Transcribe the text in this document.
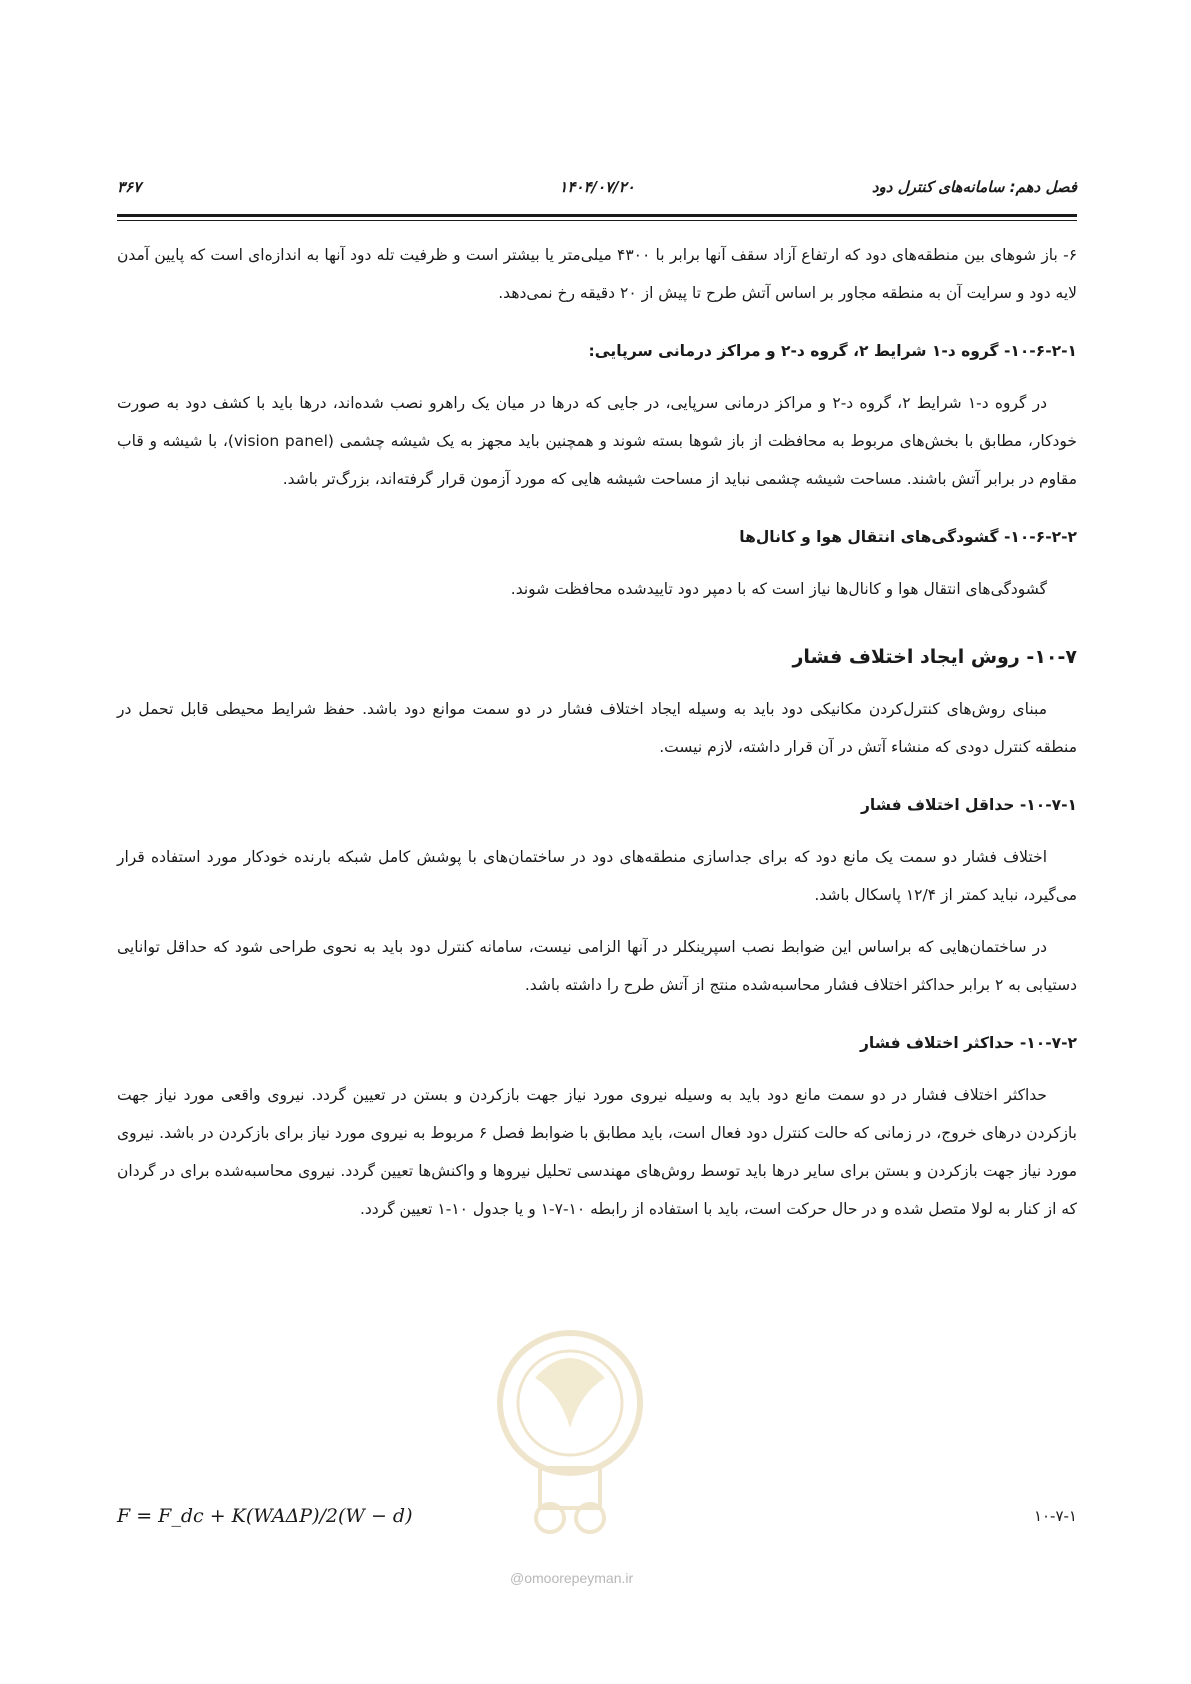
فصل دهم: سامانه‌های کنترل دود
۱۴۰۴/۰۷/۲۰
۳۶۷

۶- باز شوهای بین منطقه‌های دود که ارتفاع آزاد سقف آنها برابر با ۴۳۰۰ میلی‌متر یا بیشتر است و ظرفیت تله دود آنها به اندازه‌ای است که پایین آمدن لایه دود و سرایت آن به منطقه مجاور بر اساس آتش طرح تا پیش از ۲۰ دقیقه رخ نمی‌دهد.

۱۰-۶-۲-۱- گروه د-۱ شرایط ۲، گروه د-۲ و مراکز درمانی سرپایی:

در گروه د-۱ شرایط ۲، گروه د-۲ و مراکز درمانی سرپایی، در جایی که درها در میان یک راهرو نصب شده‌اند، درها باید با کشف دود به صورت خودکار، مطابق با بخش‌های مربوط به محافظت از باز شوها بسته شوند و همچنین باید مجهز به یک شیشه چشمی (vision panel)، با شیشه و قاب مقاوم در برابر آتش باشند. مساحت شیشه چشمی نباید از مساحت شیشه هایی که مورد آزمون قرار گرفته‌اند، بزرگ‌تر باشد.

۱۰-۶-۲-۲- گشودگی‌های انتقال هوا و کانال‌ها

گشودگی‌های انتقال هوا و کانال‌ها نیاز است که با دمپر دود تاییدشده محافظت شوند.

۱۰-۷- روش ایجاد اختلاف فشار

مبنای روش‌های کنترل‌کردن مکانیکی دود باید به وسیله ایجاد اختلاف فشار در دو سمت موانع دود باشد. حفظ شرایط محیطی قابل تحمل در منطقه کنترل دودی که منشاء آتش در آن قرار داشته، لازم نیست.

۱۰-۷-۱- حداقل اختلاف فشار

اختلاف فشار دو سمت یک مانع دود که برای جداسازی منطقه‌های دود در ساختمان‌های با پوشش کامل شبکه بارنده خودکار مورد استفاده قرار می‌گیرد، نباید کمتر از ۱۲/۴ پاسکال باشد.

در ساختمان‌هایی که براساس این ضوابط نصب اسپرینکلر در آنها الزامی نیست، سامانه کنترل دود باید به نحوی طراحی شود که حداقل توانایی دستیابی به ۲ برابر حداکثر اختلاف فشار محاسبه‌شده منتج از آتش طرح را داشته باشد.

۱۰-۷-۲- حداکثر اختلاف فشار

حداکثر اختلاف فشار در دو سمت مانع دود باید به وسیله نیروی مورد نیاز جهت بازکردن و بستن در تعیین گردد. نیروی واقعی مورد نیاز جهت بازکردن درهای خروج، در زمانی که حالت کنترل دود فعال است، باید مطابق با ضوابط فصل ۶ مربوط به نیروی مورد نیاز برای بازکردن در باشد. نیروی مورد نیاز جهت بازکردن و بستن برای سایر درها باید توسط روش‌های مهندسی تحلیل نیروها و واکنش‌ها تعیین گردد. نیروی محاسبه‌شده برای در گردان که از کنار به لولا متصل شده و در حال حرکت است، باید با استفاده از رابطه ۱۰-۷-۱ و یا جدول ۱۰-۱ تعیین گردد.

F = F_dc + K(WAΔP)/2(W − d)	۱۰-۷-۱
@omoorepeyman.ir
